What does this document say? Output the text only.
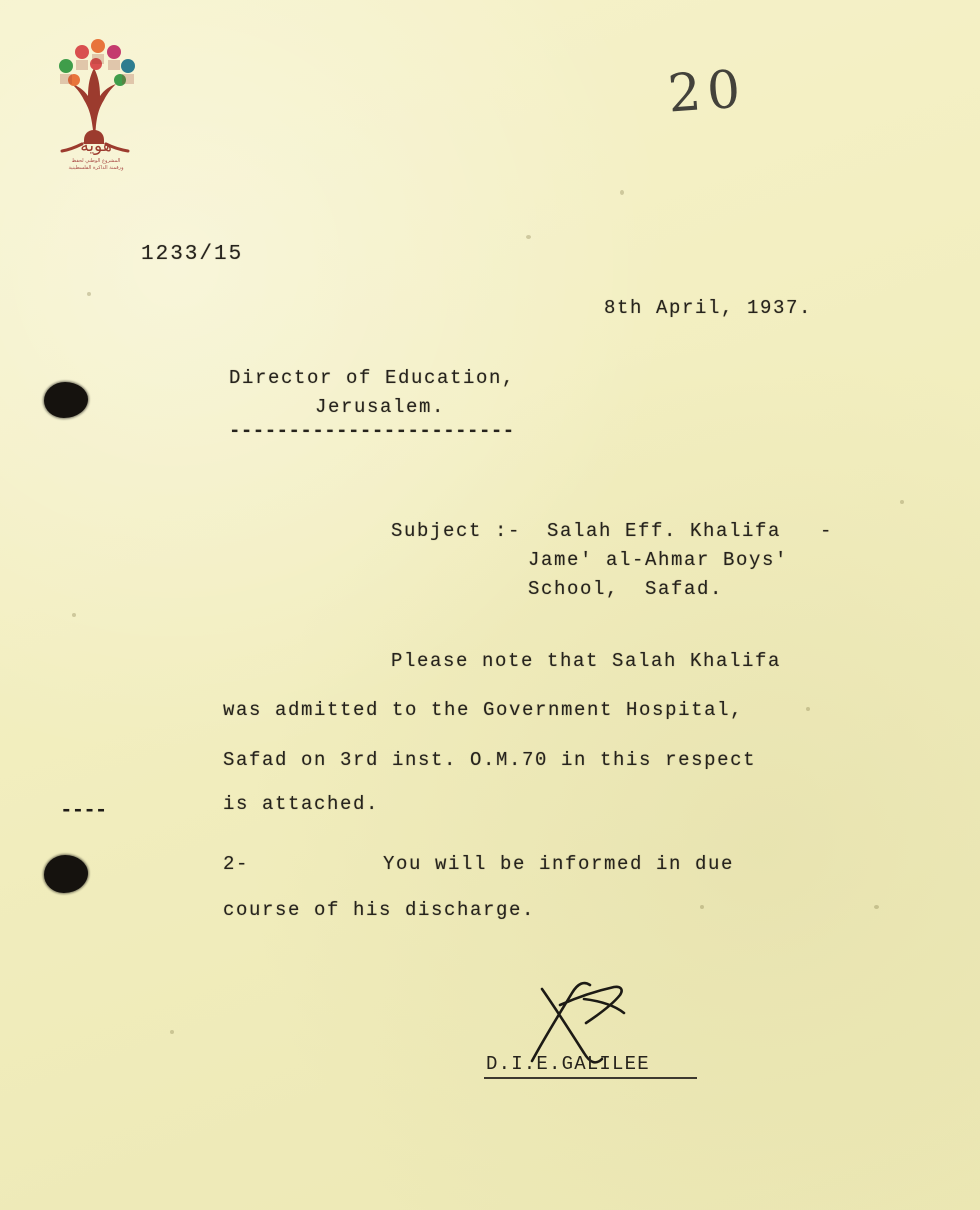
هوية
المشروع الوطني لحفظ
ورقمنة الذاكرة الفلسطينية
20
----
1233/15
8th April, 1937.
Director of Education,
Jerusalem.
------------------------
Subject :-  Salah Eff. Khalifa   -
Jame' al-Ahmar Boys'
School,  Safad.
Please note that Salah Khalifa
was admitted to the Government Hospital,
Safad on 3rd inst. O.M.70 in this respect
is attached.
2-	You will be informed in due
course of his discharge.
D.I.E.GALILEE
